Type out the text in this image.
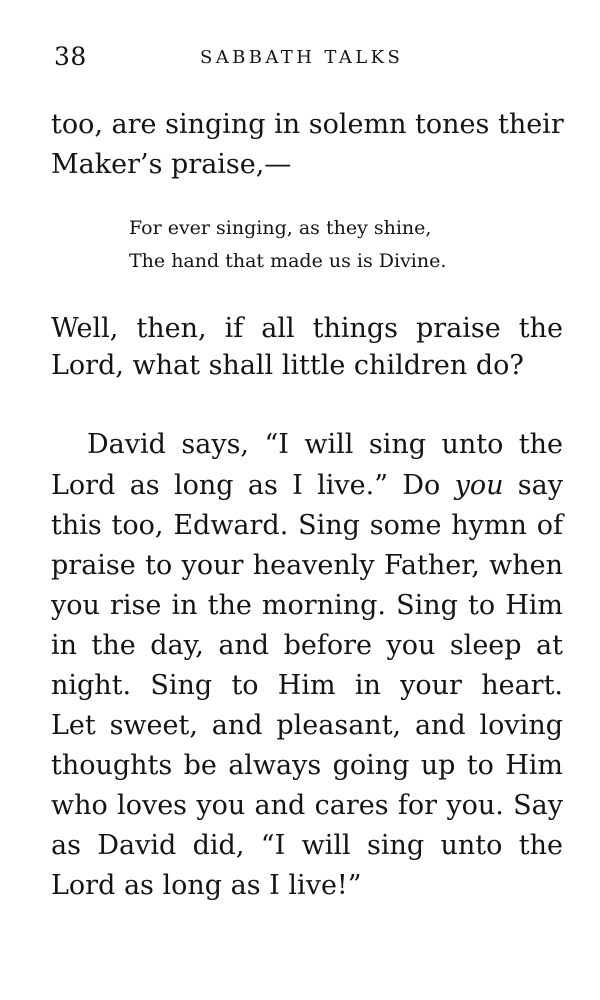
38	SABBATH TALKS
too, are singing in solemn tones their
Maker’s praise,—
For ever singing, as they shine,
The hand that made us is Divine.
Well, then, if all things praise the
Lord, what shall little children do?
David says, “I will sing unto the
Lord as long as I live.” Do you say
this too, Edward. Sing some hymn of
praise to your heavenly Father, when
you rise in the morning. Sing to Him
in the day, and before you sleep at
night. Sing to Him in your heart.
Let sweet, and pleasant, and loving
thoughts be always going up to Him
who loves you and cares for you. Say
as David did, “I will sing unto the
Lord as long as I live!”
